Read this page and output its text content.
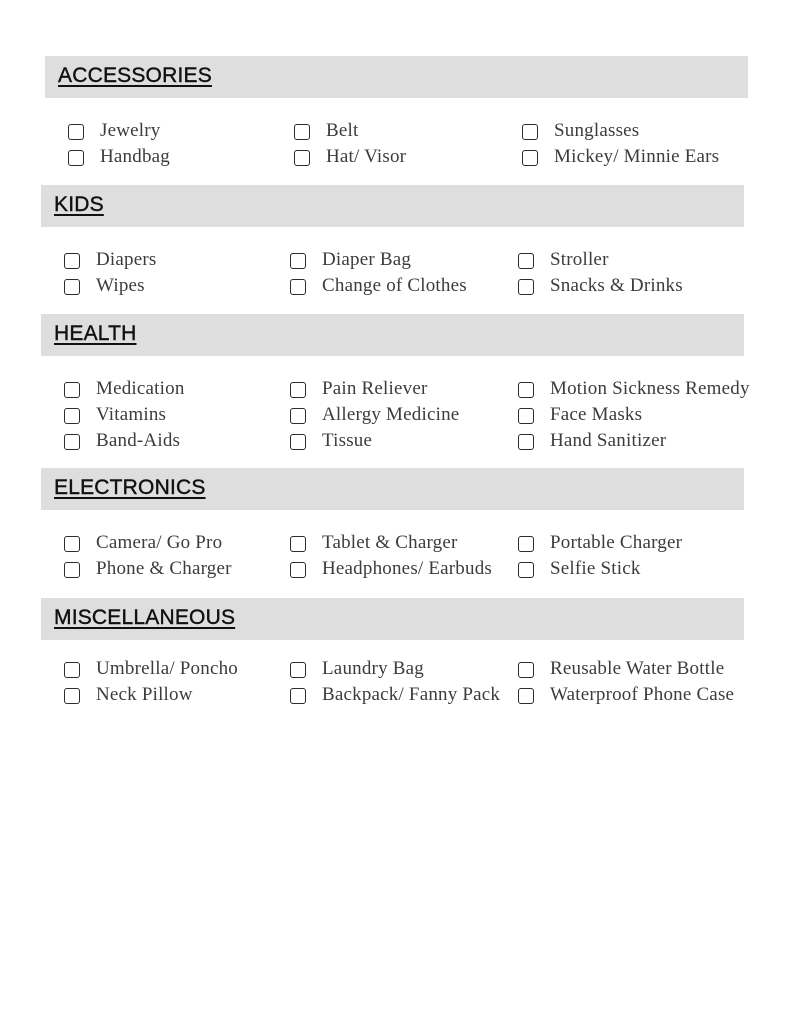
ACCESSORIES
Jewelry
Handbag
Belt
Hat/ Visor
Sunglasses
Mickey/ Minnie Ears
KIDS
Diapers
Wipes
Diaper Bag
Change of Clothes
Stroller
Snacks & Drinks
HEALTH
Medication
Vitamins
Band-Aids
Pain Reliever
Allergy Medicine
Tissue
Motion Sickness Remedy
Face Masks
Hand Sanitizer
ELECTRONICS
Camera/ Go Pro
Phone & Charger
Tablet & Charger
Headphones/ Earbuds
Portable Charger
Selfie Stick
MISCELLANEOUS
Umbrella/ Poncho
Neck Pillow
Laundry Bag
Backpack/ Fanny Pack
Reusable Water Bottle
Waterproof Phone Case
